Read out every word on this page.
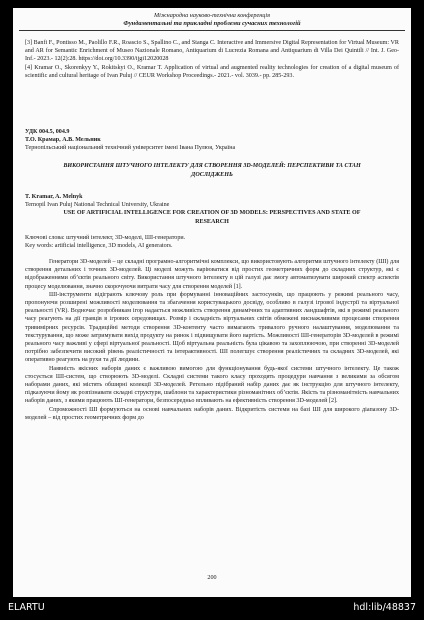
Міжнародна науково-технічна конференція
Фундаментальні та прикладні проблеми сучасних технологій

[3] Banfi F., Pontisso M., Paolillo F.R., Roascio S., Spallino C., and Stanga C. Interactive and Immersive Digital Representation for Virtual Museum: VR and AR for Semantic Enrichment of Museo Nazionale Romano, Antiquarium di Lucrezia Romana and Antiquarium di Villa Dei Quintili // Int. J. Geo-Inf.- 2023.- 12(2):28. https://doi.org/10.3390/ijgi12020028

[4] Kramar O., Skorenkyy Y., Rokitskyi O., Kramar T. Application of virtual and augmented reality technologies for creation of a digital museum of scientific and cultural heritage of Ivan Puluj // CEUR Workshop Proceedings.- 2021.- vol. 3039.- pp. 285-293.

УДК 004.5, 004.9
Т.О. Крамар, А.В. Мельник
Тернопільський національний технічний університет імені Івана Пулюя, Україна
ВИКОРИСТАННЯ ШТУЧНОГО ІНТЕЛЕКТУ ДЛЯ СТВОРЕННЯ 3D-МОДЕЛЕЙ: ПЕРСПЕКТИВИ ТА СТАН ДОСЛІДЖЕНЬ
T. Kramar, A. Melnyk
Ternopil Ivan Puluj National Technical University, Ukraine
USE OF ARTIFICIAL INTELLIGENCE FOR CREATION OF 3D MODELS: PERSPECTIVES AND STATE OF RESEARCH
Ключові слова: штучний інтелект, 3D-моделі, ШІ-генератори.
Key words: artificial intelligence, 3D models, AI generators.

Генератори 3D-моделей – це складні програмно-алгоритмічні комплекси, що використовують алгоритми штучного інтелекту (ШІ) для створення детальних і точних 3D-моделей. Ці моделі можуть варіюватися від простих геометричних форм до складних структур, які є відображеннями об’єктів реального світу. Використання штучного інтелекту в цій галузі дає змогу автоматизувати широкий спектр аспектів процесу моделювання, значно скорочуючи витрати часу для створення моделей [1].

ШІ-інструменти відіграють ключову роль при формуванні інноваційних застосунків, що працюють у режимі реального часу, пропонуючи розширені можливості моделювання та збагачення користувацького досвіду, особливо в галузі ігрової індустрії та віртуальної реальності (VR). Водночас розробникам ігор надається можливість створення динамічних та адаптивних ландшафтів, які в режимі реального часу реагують на дії гравців в ігрових середовищах. Розмір і складність віртуальних світів обмежені виснажливими процесами створення тривимірних ресурсів. Традиційні методи створення 3D-контенту часто вимагають тривалого ручного налаштування, моделювання та текстурування, що може затримувати вихід продукту на ринок і підвищувати його вартість. Можливості ШІ-генераторів 3D-моделей в режимі реального часу важливі у сфері віртуальної реальності. Щоб віртуальна реальність була цікавою та захоплюючою, при створенні 3D-моделей потрібно забезпечити високий рівень реалістичності та інтерактивності. ШІ полегшує створення реалістичних та складних 3D-моделей, які оперативно реагують на рухи та дії людини.

Наявність якісних наборів даних є важливою вимогою для функціонування будь-якої системи штучного інтелекту. Це також стосується ШІ-систем, що створюють 3D-моделі. Складні системи такого класу проходять процедури навчання з великими за обсягом наборами даних, які містять обширні колекції 3D-моделей. Ретельно підібраний набір даних дає як інструкцію для штучного інтелекту, підказуючи йому як розпізнавати складні структури, шаблони та характеристики різноманітних об’єктів. Якість та різноманітність навчальних наборів даних, з якими працюють ШІ-генератори, безпосередньо впливають на ефективність створення 3D-моделей [2].

Спроможності ШІ формуються на основі навчальних наборів даних. Відкритість системи на базі ШІ для широкого діапазону 3D-моделей – від простих геометричних форм до

200
ELARTU	hdl:lib/48837
